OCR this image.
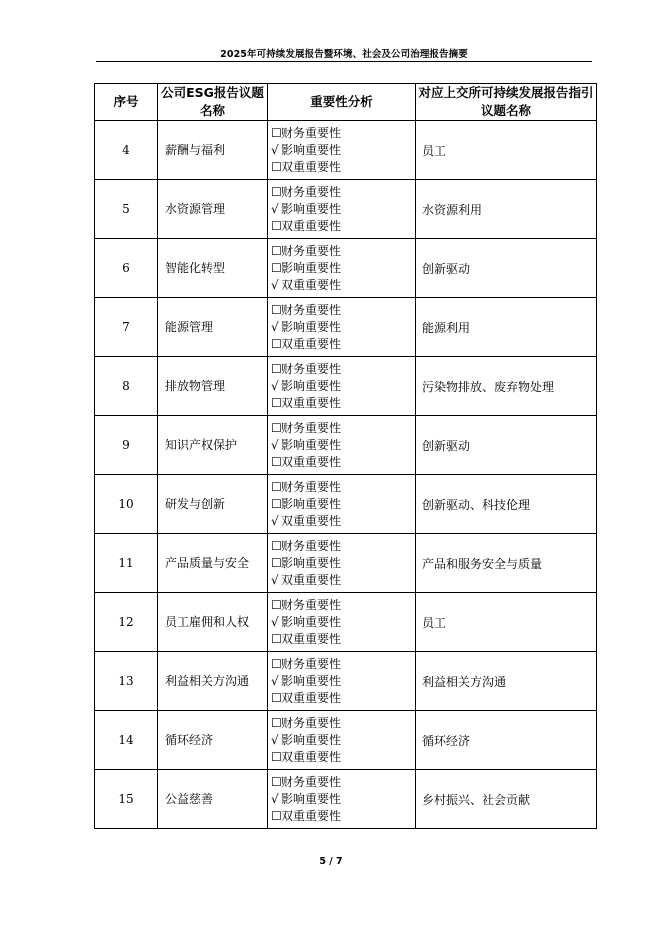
2025年可持续发展报告暨环境、社会及公司治理报告摘要
序号	公司ESG报告议题名称	重要性分析	对应上交所可持续发展报告指引议题名称
4	薪酬与福利	☐财务重要性
√ 影响重要性
☐双重重要性	员工
5	水资源管理	☐财务重要性
√ 影响重要性
☐双重重要性	水资源利用
6	智能化转型	☐财务重要性
☐影响重要性
√ 双重重要性	创新驱动
7	能源管理	☐财务重要性
√ 影响重要性
☐双重重要性	能源利用
8	排放物管理	☐财务重要性
√ 影响重要性
☐双重重要性	污染物排放、废弃物处理
9	知识产权保护	☐财务重要性
√ 影响重要性
☐双重重要性	创新驱动
10	研发与创新	☐财务重要性
☐影响重要性
√ 双重重要性	创新驱动、科技伦理
11	产品质量与安全	☐财务重要性
☐影响重要性
√ 双重重要性	产品和服务安全与质量
12	员工雇佣和人权	☐财务重要性
√ 影响重要性
☐双重重要性	员工
13	利益相关方沟通	☐财务重要性
√ 影响重要性
☐双重重要性	利益相关方沟通
14	循环经济	☐财务重要性
√ 影响重要性
☐双重重要性	循环经济
15	公益慈善	☐财务重要性
√ 影响重要性
☐双重重要性	乡村振兴、社会贡献
5 / 7
